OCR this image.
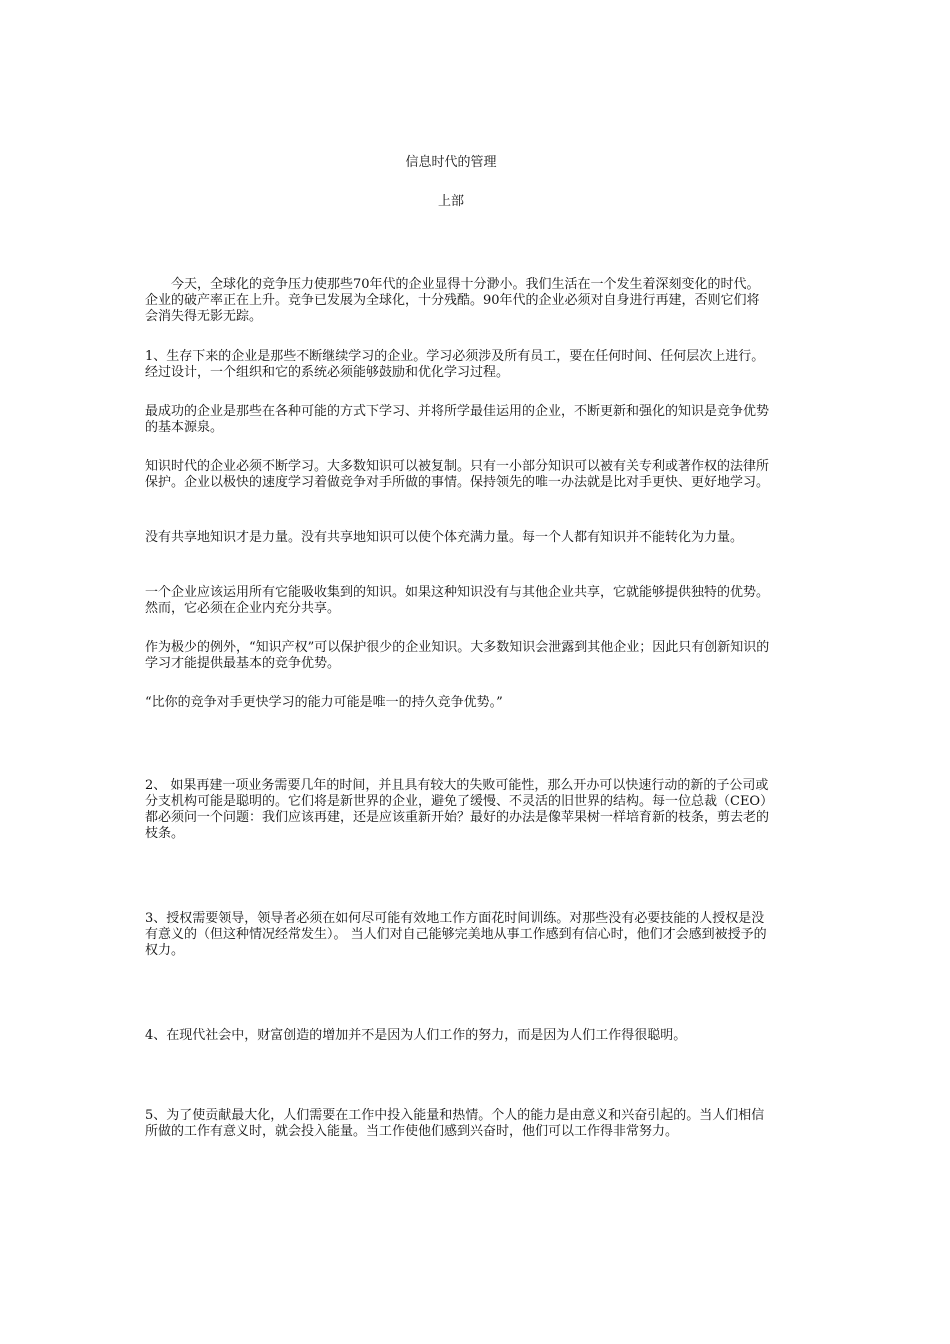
信息时代的管理
上部

今天，全球化的竞争压力使那些70年代的企业显得十分渺小。我们生活在一个发生着深刻变化的时代。企业的破产率正在上升。竞争已发展为全球化，十分残酷。90年代的企业必须对自身进行再建，否则它们将会消失得无影无踪。

1、生存下来的企业是那些不断继续学习的企业。学习必须涉及所有员工，要在任何时间、任何层次上进行。经过设计，一个组织和它的系统必须能够鼓励和优化学习过程。

最成功的企业是那些在各种可能的方式下学习、并将所学最佳运用的企业，不断更新和强化的知识是竞争优势的基本源泉。

知识时代的企业必须不断学习。大多数知识可以被复制。只有一小部分知识可以被有关专利或著作权的法律所保护。企业以极快的速度学习着做竞争对手所做的事情。保持领先的唯一办法就是比对手更快、更好地学习。

没有共享地知识才是力量。没有共享地知识可以使个体充满力量。每一个人都有知识并不能转化为力量。

一个企业应该运用所有它能吸收集到的知识。如果这种知识没有与其他企业共享，它就能够提供独特的优势。然而，它必须在企业内充分共享。

作为极少的例外，“知识产权”可以保护很少的企业知识。大多数知识会泄露到其他企业；因此只有创新知识的学习才能提供最基本的竞争优势。

“比你的竞争对手更快学习的能力可能是唯一的持久竞争优势。”

2、 如果再建一项业务需要几年的时间，并且具有较大的失败可能性，那么开办可以快速行动的新的子公司或分支机构可能是聪明的。它们将是新世界的企业，避免了缓慢、不灵活的旧世界的结构。每一位总裁（CEO）都必须问一个问题：我们应该再建，还是应该重新开始？最好的办法是像苹果树一样培育新的枝条，剪去老的枝条。

3、授权需要领导，领导者必须在如何尽可能有效地工作方面花时间训练。对那些没有必要技能的人授权是没有意义的（但这种情况经常发生）。 当人们对自己能够完美地从事工作感到有信心时，他们才会感到被授予的权力。

4、在现代社会中，财富创造的增加并不是因为人们工作的努力，而是因为人们工作得很聪明。

5、为了使贡献最大化，人们需要在工作中投入能量和热情。个人的能力是由意义和兴奋引起的。当人们相信所做的工作有意义时，就会投入能量。当工作使他们感到兴奋时，他们可以工作得非常努力。
